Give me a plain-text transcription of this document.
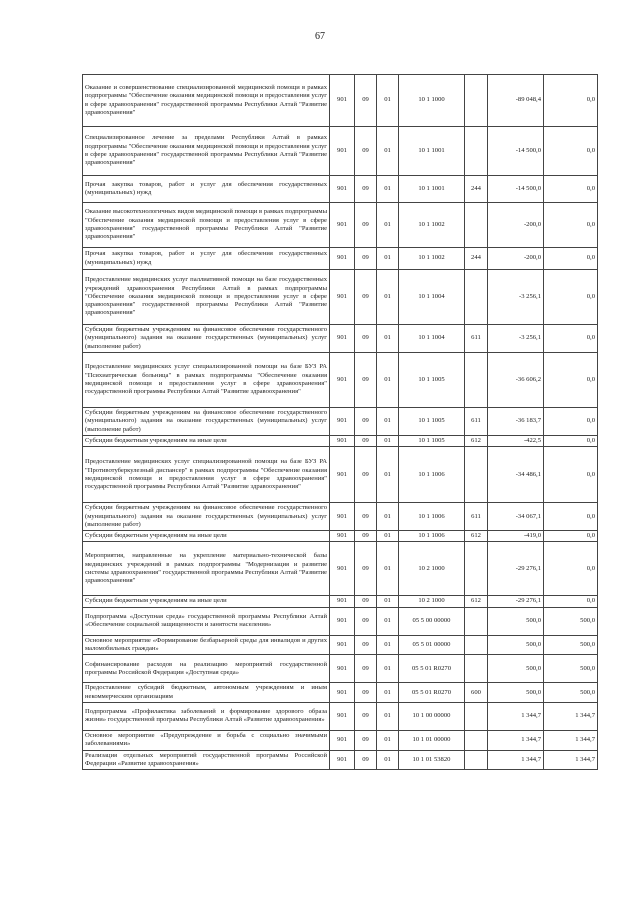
67
Оказание и совершенствование специализированной медицинской помощи в рамках подпрограммы "Обеспечение оказания медицинской помощи и предоставления услуг в сфере здравоохранения" государственной программы Республики Алтай "Развитие здравоохранения"	901	09	01	10 1 1000		-89 048,4	0,0
Специализированное лечение за пределами Республики Алтай в рамках подпрограммы "Обеспечение оказания медицинской помощи и предоставления услуг в сфере здравоохранения" государственной программы Республики Алтай "Развитие здравоохранения"	901	09	01	10 1 1001		-14 500,0	0,0
Прочая закупка товаров, работ и услуг для обеспечения государственных (муниципальных) нужд	901	09	01	10 1 1001	244	-14 500,0	0,0
Оказание высокотехнологичных видов медицинской помощи в рамках подпрограммы "Обеспечение оказания медицинской помощи и предоставления услуг в сфере здравоохранения" государственной программы Республики Алтай "Развитие здравоохранения"	901	09	01	10 1 1002		-200,0	0,0
Прочая закупка товаров, работ и услуг для обеспечения государственных (муниципальных) нужд	901	09	01	10 1 1002	244	-200,0	0,0
Предоставление медицинских услуг паллиативной помощи на базе государственных учреждений здравоохранения Республики Алтай в рамках подпрограммы "Обеспечение оказания медицинской помощи и предоставления услуг в сфере здравоохранения" государственной программы Республики Алтай "Развитие здравоохранения"	901	09	01	10 1 1004		-3 256,1	0,0
Субсидии бюджетным учреждениям на финансовое обеспечение государственного (муниципального) задания на оказание государственных (муниципальных) услуг (выполнение работ)	901	09	01	10 1 1004	611	-3 256,1	0,0
Предоставление медицинских услуг специализированной помощи на базе БУЗ РА "Психиатрическая больница" в рамках подпрограммы "Обеспечение оказания медицинской помощи и предоставления услуг в сфере здравоохранения" государственной программы Республики Алтай "Развитие здравоохранения"	901	09	01	10 1 1005		-36 606,2	0,0
Субсидии бюджетным учреждениям на финансовое обеспечение государственного (муниципального) задания на оказание государственных (муниципальных) услуг (выполнение работ)	901	09	01	10 1 1005	611	-36 183,7	0,0
Субсидии бюджетным учреждениям на иные цели	901	09	01	10 1 1005	612	-422,5	0,0
Предоставление медицинских услуг специализированной помощи на базе БУЗ РА "Противотуберкулезный диспансер" в рамках подпрограммы "Обеспечение оказания медицинской помощи и предоставления услуг в сфере здравоохранения" государственной программы Республики Алтай "Развитие здравоохранения"	901	09	01	10 1 1006		-34 486,1	0,0
Субсидии бюджетным учреждениям на финансовое обеспечение государственного (муниципального) задания на оказание государственных (муниципальных) услуг (выполнение работ)	901	09	01	10 1 1006	611	-34 067,1	0,0
Субсидии бюджетным учреждениям на иные цели	901	09	01	10 1 1006	612	-419,0	0,0
Мероприятия, направленные на укрепление материально-технической базы медицинских учреждений в рамках подпрограммы "Модернизация и развитие системы здравоохранения" государственной программы Республики Алтай "Развитие здравоохранения"	901	09	01	10 2 1000		-29 276,1	0,0
Субсидии бюджетным учреждениям на иные цели	901	09	01	10 2 1000	612	-29 276,1	0,0
Подпрограмма «Доступная среда» государственной программы Республики Алтай «Обеспечение социальной защищенности и занятости населения»	901	09	01	05 5 00 00000		500,0	500,0
Основное мероприятие «Формирование безбарьерной среды для инвалидов и других маломобильных граждан»	901	09	01	05 5 01 00000		500,0	500,0
Софинансирование расходов на реализацию мероприятий государственной программы Российской Федерации «Доступная среда»	901	09	01	05 5 01 R0270		500,0	500,0
Предоставление субсидий бюджетным, автономным учреждениям и иным некоммерческим организациям	901	09	01	05 5 01 R0270	600	500,0	500,0
Подпрограмма «Профилактика заболеваний и формирование здорового образа жизни» государственной программы Республики Алтай «Развитие здравоохранения»	901	09	01	10 1 00 00000		1 344,7	1 344,7
Основное мероприятие «Предупреждение и борьба с социально значимыми заболеваниями»	901	09	01	10 1 01 00000		1 344,7	1 344,7
Реализация отдельных мероприятий государственной программы Российской Федерации «Развитие здравоохранения»	901	09	01	10 1 01 53820		1 344,7	1 344,7
